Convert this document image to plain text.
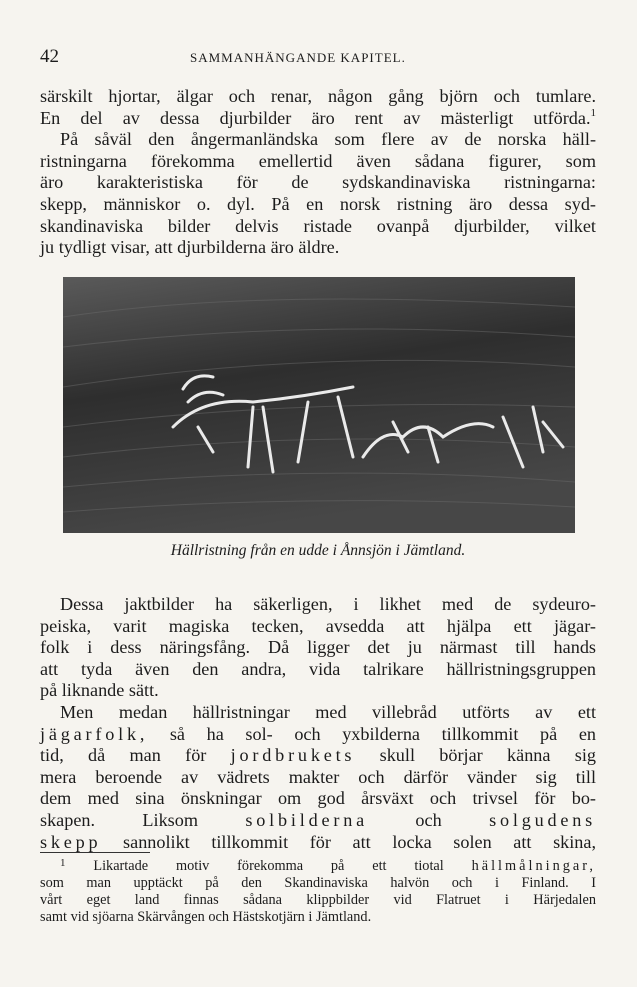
42	SAMMANHÄNGANDE KAPITEL.
särskilt hjortar, älgar och renar, någon gång björn och tumlare.
En del av dessa djurbilder äro rent av mästerligt utförda.$^1$
På såväl den ångermanländska som flere av de norska häll-
ristningarna förekomma emellertid även sådana figurer, som
äro karakteristiska för de sydskandinaviska ristningarna:
skepp, människor o. dyl. På en norsk ristning äro dessa syd-
skandinaviska bilder delvis ristade ovanpå djurbilder, vilket
ju tydligt visar, att djurbilderna äro äldre.
Hällristning från en udde i Ånnsjön i Jämtland.
Dessa jaktbilder ha säkerligen, i likhet med de sydeuro-
peiska, varit magiska tecken, avsedda att hjälpa ett jägar-
folk i dess näringsfång. Då ligger det ju närmast till hands
att tyda även den andra, vida talrikare hällristningsgruppen
på liknande sätt.
Men medan hällristningar med villebråd utförts av ett
jägarfolk, så ha sol- och yxbilderna tillkommit på en
tid, då man för jordbrukets skull börjar känna sig
mera beroende av vädrets makter och därför vänder sig till
dem med sina önskningar om god årsväxt och trivsel för bo-
skapen. Liksom	solbilderna	och	solgudens
skepp sannolikt tillkommit för att locka solen att skina,
$^1$ Likartade motiv förekomma på ett tiotal hällmålningar,
som man upptäckt på den Skandinaviska halvön och i Finland. I
vårt eget land finnas sådana klippbilder vid Flatruet i Härjedalen
samt vid sjöarna Skärvången och Hästskotjärn i Jämtland.
